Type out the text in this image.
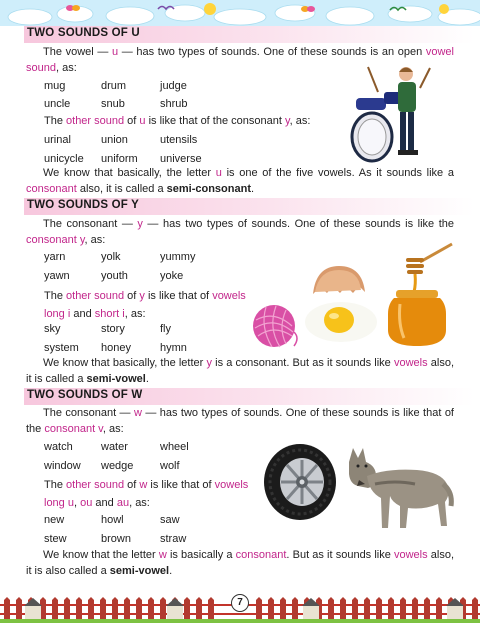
TWO SOUNDS OF U
The vowel — u — has two types of sounds. One of these sounds is an open vowel sound, as:
mug	drum	judge
uncle	snub	shrub
The other sound of u is like that of the consonant y, as:
urinal	union	utensils
unicycle uniform universe
We know that basically, the letter u is one of the five vowels. As it sounds like a consonant also, it is called a semi-consonant.
TWO SOUNDS OF Y
The consonant — y — has two types of sounds. One of these sounds is like the consonant y, as:
yarn	yolk	yummy
yawn	youth	yoke
The other sound of y is like that of vowels
long i and short i, as:
sky	story	fly
system honey	hymn
We know that basically, the letter y is a consonant. But as it sounds like vowels also, it is called a semi-vowel.
TWO SOUNDS OF W
The consonant — w — has two types of sounds. One of these sounds is like that of the consonant v, as:
watch	water	wheel
window wedge wolf
The other sound of w is like that of vowels
long u, ou and au, as:
new	howl	saw
stew	brown	straw
We know that the letter w is basically a consonant. But as it sounds like vowels also, it is also called a semi-vowel.
7
